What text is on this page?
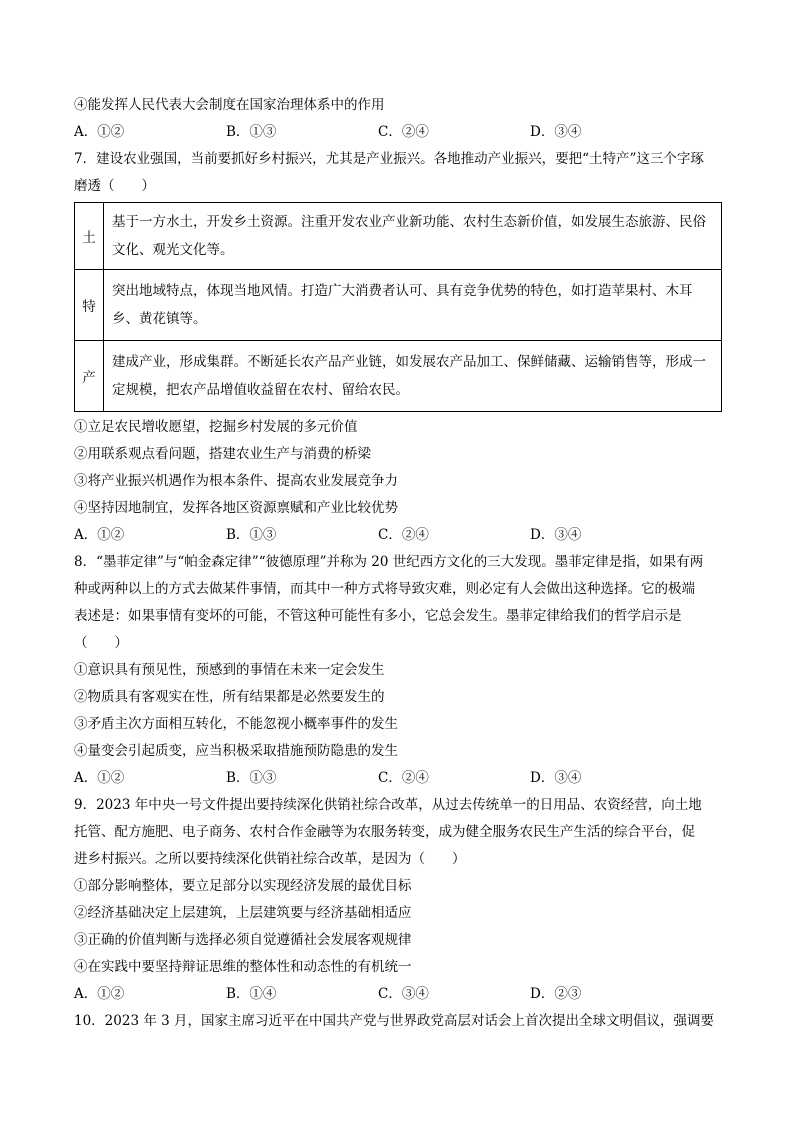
④能发挥人民代表大会制度在国家治理体系中的作用
A．①②	B．①③	C．②④	D．③④
7．建设农业强国，当前要抓好乡村振兴，尤其是产业振兴。各地推动产业振兴，要把“土特产”这三个字琢
磨透（　　）
土	基于一方水土，开发乡土资源。注重开发农业产业新功能、农村生态新价值，如发展生态旅游、民俗文化、观光文化等。
特	突出地域特点，体现当地风情。打造广大消费者认可、具有竞争优势的特色，如打造苹果村、木耳乡、黄花镇等。
产	建成产业，形成集群。不断延长农产品产业链，如发展农产品加工、保鲜储藏、运输销售等，形成一定规模，把农产品增值收益留在农村、留给农民。
①立足农民增收愿望，挖掘乡村发展的多元价值
②用联系观点看问题，搭建农业生产与消费的桥梁
③将产业振兴机遇作为根本条件、提高农业发展竞争力
④坚持因地制宜，发挥各地区资源禀赋和产业比较优势
A．①②	B．①③	C．②④	D．③④
8．“墨菲定律”与“帕金森定律”“彼德原理”并称为 20 世纪西方文化的三大发现。墨菲定律是指，如果有两
种或两种以上的方式去做某件事情，而其中一种方式将导致灾难，则必定有人会做出这种选择。它的极端
表述是：如果事情有变坏的可能，不管这种可能性有多小，它总会发生。墨菲定律给我们的哲学启示是
（　　）
①意识具有预见性，预感到的事情在未来一定会发生
②物质具有客观实在性，所有结果都是必然要发生的
③矛盾主次方面相互转化，不能忽视小概率事件的发生
④量变会引起质变，应当积极采取措施预防隐患的发生
A．①②	B．①③	C．②④	D．③④
9．2023 年中央一号文件提出要持续深化供销社综合改革，从过去传统单一的日用品、农资经营，向土地
托管、配方施肥、电子商务、农村合作金融等为农服务转变，成为健全服务农民生产生活的综合平台，促
进乡村振兴。之所以要持续深化供销社综合改革，是因为（　　）
①部分影响整体，要立足部分以实现经济发展的最优目标
②经济基础决定上层建筑，上层建筑要与经济基础相适应
③正确的价值判断与选择必须自觉遵循社会发展客观规律
④在实践中要坚持辩证思维的整体性和动态性的有机统一
A．①②	B．①④	C．③④	D．②③
10．2023 年 3 月，国家主席习近平在中国共产党与世界政党高层对话会上首次提出全球文明倡议，强调要
